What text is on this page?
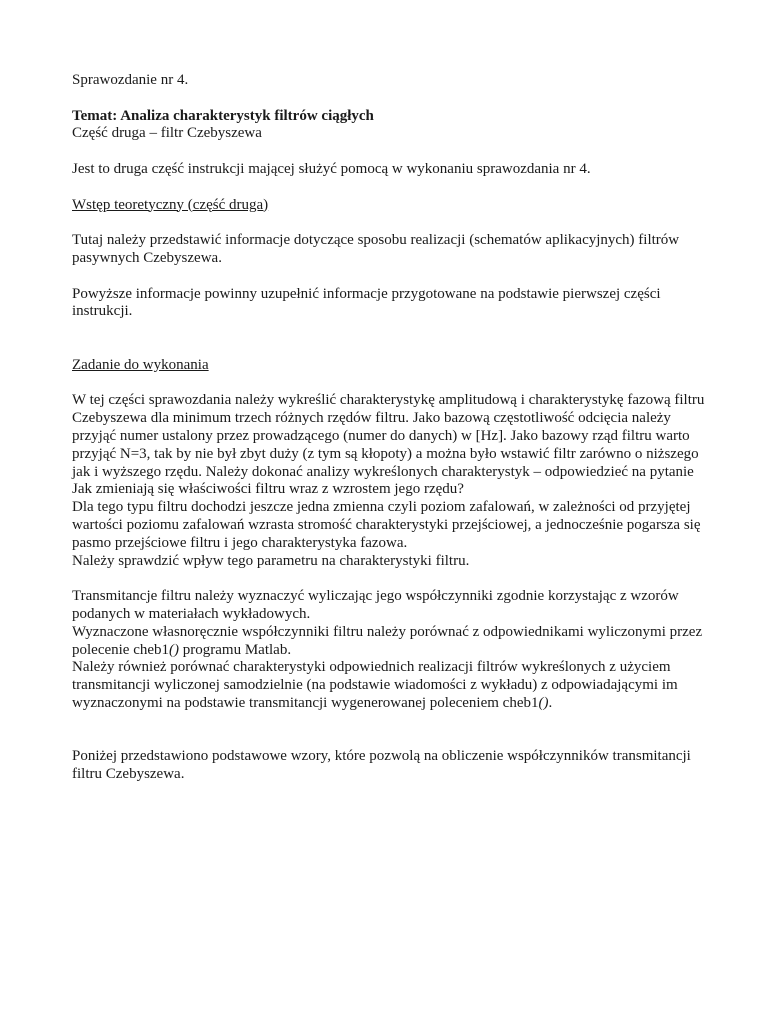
Sprawozdanie nr 4.

Temat: Analiza charakterystyk filtrów ciągłych

Część druga – filtr Czebyszewa

Jest to druga część instrukcji mającej służyć pomocą w wykonaniu sprawozdania nr 4.

Wstęp teoretyczny (część druga)

Tutaj należy przedstawić informacje dotyczące sposobu realizacji (schematów aplikacyjnych) filtrów pasywnych Czebyszewa.

Powyższe informacje powinny uzupełnić informacje przygotowane na podstawie pierwszej części instrukcji.

Zadanie do wykonania

W tej części sprawozdania należy wykreślić charakterystykę amplitudową i charakterystykę fazową filtru Czebyszewa dla minimum trzech różnych rzędów filtru. Jako bazową częstotliwość odcięcia należy przyjąć numer ustalony przez prowadzącego (numer do danych) w [Hz]. Jako bazowy rząd filtru warto przyjąć N=3, tak by nie był zbyt duży (z tym są kłopoty) a można było wstawić filtr zarówno o niższego jak i wyższego rzędu. Należy dokonać analizy wykreślonych charakterystyk – odpowiedzieć na pytanie

Jak zmieniają się właściwości filtru wraz z wzrostem jego rzędu?

Dla tego typu filtru dochodzi jeszcze jedna zmienna czyli poziom zafalowań, w zależności od przyjętej wartości poziomu zafalowań wzrasta stromość charakterystyki przejściowej, a jednocześnie pogarsza się pasmo przejściowe filtru i jego charakterystyka fazowa.

Należy sprawdzić wpływ tego parametru na charakterystyki filtru.

Transmitancje filtru należy wyznaczyć wyliczając jego współczynniki zgodnie korzystając z wzorów podanych w materiałach wykładowych.

Wyznaczone własnoręcznie współczynniki filtru należy porównać z odpowiednikami wyliczonymi przez polecenie cheb1() programu Matlab.

Należy również porównać charakterystyki odpowiednich realizacji filtrów wykreślonych z użyciem transmitancji wyliczonej samodzielnie (na podstawie wiadomości z wykładu) z odpowiadającymi im wyznaczonymi na podstawie transmitancji wygenerowanej poleceniem cheb1().

Poniżej przedstawiono podstawowe wzory, które pozwolą na obliczenie współczynników transmitancji filtru Czebyszewa.
